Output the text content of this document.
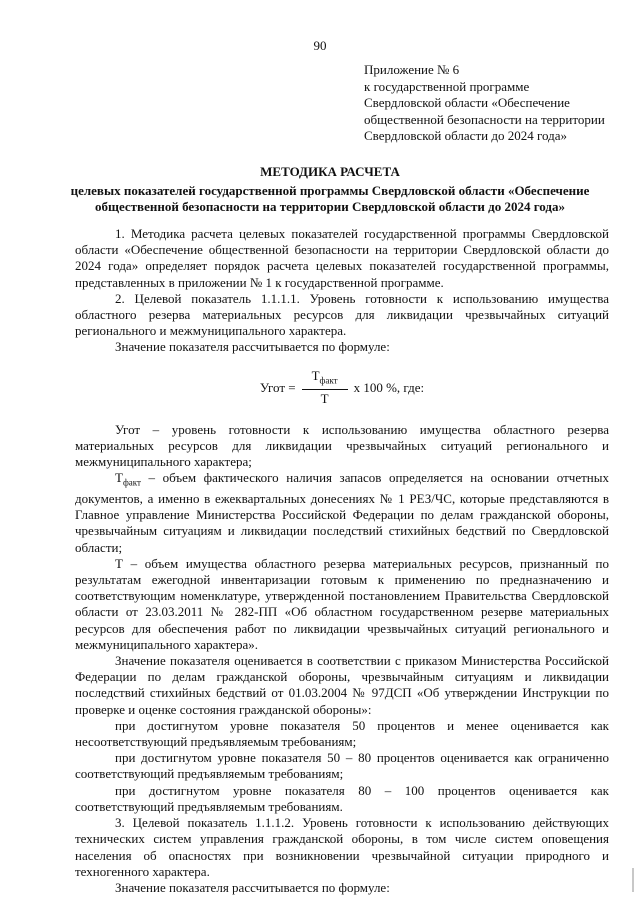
90
Приложение № 6
к государственной программе
Свердловской области «Обеспечение
общественной безопасности на территории
Свердловской области до 2024 года»
МЕТОДИКА РАСЧЕТА
целевых показателей государственной программы Свердловской области «Обеспечение общественной безопасности на территории Свердловской области до 2024 года»

1. Методика расчета целевых показателей государственной программы Свердловской области «Обеспечение общественной безопасности на территории Свердловской области до 2024 года» определяет порядок расчета целевых показателей государственной программы, представленных в приложении № 1 к государственной программе.

2. Целевой показатель 1.1.1.1. Уровень готовности к использованию имущества областного резерва материальных ресурсов для ликвидации чрезвычайных ситуаций регионального и межмуниципального характера.

Значение показателя рассчитывается по формуле:

Угот = $\frac{Т_{факт}}{Т}$ х 100 %, где:

Угот – уровень готовности к использованию имущества областного резерва материальных ресурсов для ликвидации чрезвычайных ситуаций регионального и межмуниципального характера;

$Т_{факт}$ – объем фактического наличия запасов определяется на основании отчетных документов, а именно в ежеквартальных донесениях № 1 РЕЗ/ЧС, которые представляются в Главное управление Министерства Российской Федерации по делам гражданской обороны, чрезвычайным ситуациям и ликвидации последствий стихийных бедствий по Свердловской области;

Т – объем имущества областного резерва материальных ресурсов, признанный по результатам ежегодной инвентаризации готовым к применению по предназначению и соответствующим номенклатуре, утвержденной постановлением Правительства Свердловской области от 23.03.2011 № 282-ПП «Об областном государственном резерве материальных ресурсов для обеспечения работ по ликвидации чрезвычайных ситуаций регионального и межмуниципального характера».

Значение показателя оценивается в соответствии с приказом Министерства Российской Федерации по делам гражданской обороны, чрезвычайным ситуациям и ликвидации последствий стихийных бедствий от 01.03.2004 № 97ДСП «Об утверждении Инструкции по проверке и оценке состояния гражданской обороны»:

при достигнутом уровне показателя 50 процентов и менее оценивается как несоответствующий предъявляемым требованиям;

при достигнутом уровне показателя 50 – 80 процентов оценивается как ограниченно соответствующий предъявляемым требованиям;

при достигнутом уровне показателя 80 – 100 процентов оценивается как соответствующий предъявляемым требованиям.

3. Целевой показатель 1.1.1.2. Уровень готовности к использованию действующих технических систем управления гражданской обороны, в том числе систем оповещения населения об опасностях при возникновении чрезвычайной ситуации природного и техногенного характера.

Значение показателя рассчитывается по формуле:
